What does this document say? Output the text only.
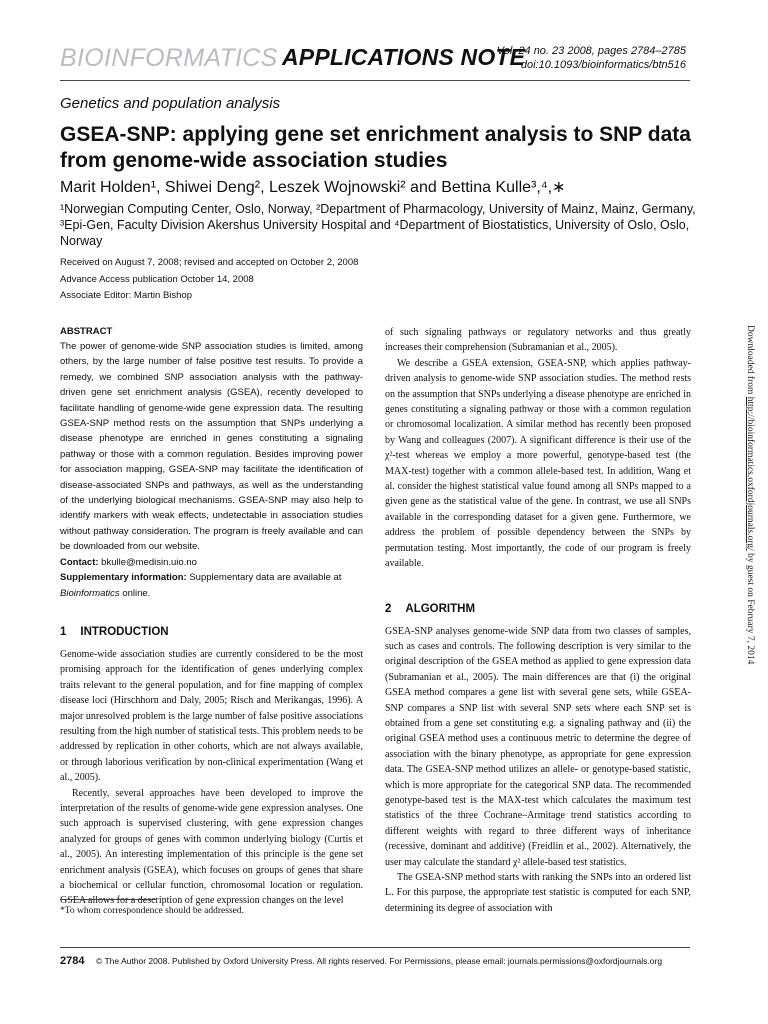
BIOINFORMATICS APPLICATIONS NOTE
Vol. 24 no. 23 2008, pages 2784–2785
doi:10.1093/bioinformatics/btn516
Genetics and population analysis
GSEA-SNP: applying gene set enrichment analysis to SNP data from genome-wide association studies
Marit Holden¹, Shiwei Deng², Leszek Wojnowski² and Bettina Kulle³,⁴,∗
¹Norwegian Computing Center, Oslo, Norway, ²Department of Pharmacology, University of Mainz, Mainz, Germany, ³Epi-Gen, Faculty Division Akershus University Hospital and ⁴Department of Biostatistics, University of Oslo, Oslo, Norway
Received on August 7, 2008; revised and accepted on October 2, 2008
Advance Access publication October 14, 2008
Associate Editor: Martin Bishop
ABSTRACT

The power of genome-wide SNP association studies is limited, among others, by the large number of false positive test results. To provide a remedy, we combined SNP association analysis with the pathway-driven gene set enrichment analysis (GSEA), recently developed to facilitate handling of genome-wide gene expression data. The resulting GSEA-SNP method rests on the assumption that SNPs underlying a disease phenotype are enriched in genes constituting a signaling pathway or those with a common regulation. Besides improving power for association mapping, GSEA-SNP may facilitate the identification of disease-associated SNPs and pathways, as well as the understanding of the underlying biological mechanisms. GSEA-SNP may also help to identify markers with weak effects, undetectable in association studies without pathway consideration. The program is freely available and can be downloaded from our website.

Contact: bkulle@medisin.uio.no

Supplementary information: Supplementary data are available at Bioinformatics online.

1 INTRODUCTION

Genome-wide association studies are currently considered to be the most promising approach for the identification of genes underlying complex traits relevant to the general population, and for fine mapping of complex disease loci (Hirschhorn and Daly, 2005; Risch and Merikangas, 1996). A major unresolved problem is the large number of false positive associations resulting from the high number of statistical tests. This problem needs to be addressed by replication in other cohorts, which are not always available, or through laborious verification by non-clinical experimentation (Wang et al., 2005).

Recently, several approaches have been developed to improve the interpretation of the results of genome-wide gene expression analyses. One such approach is supervised clustering, with gene expression changes analyzed for groups of genes with common underlying biology (Curtis et al., 2005). An interesting implementation of this principle is the gene set enrichment analysis (GSEA), which focuses on groups of genes that share a biochemical or cellular function, chromosomal location or regulation. GSEA allows for a description of gene expression changes on the level

of such signaling pathways or regulatory networks and thus greatly increases their comprehension (Subramanian et al., 2005).

We describe a GSEA extension, GSEA-SNP, which applies pathway-driven analysis to genome-wide SNP association studies. The method rests on the assumption that SNPs underlying a disease phenotype are enriched in genes constituting a signaling pathway or those with a common regulation or chromosomal localization. A similar method has recently been proposed by Wang and colleagues (2007). A significant difference is their use of the χ²-test whereas we employ a more powerful, genotype-based test (the MAX-test) together with a common allele-based test. In addition, Wang et al. consider the highest statistical value found among all SNPs mapped to a given gene as the statistical value of the gene. In contrast, we use all SNPs available in the corresponding dataset for a given gene. Furthermore, we address the problem of possible dependency between the SNPs by permutation testing. Most importantly, the code of our program is freely available.

2 ALGORITHM

GSEA-SNP analyses genome-wide SNP data from two classes of samples, such as cases and controls. The following description is very similar to the original description of the GSEA method as applied to gene expression data (Subramanian et al., 2005). The main differences are that (i) the original GSEA method compares a gene list with several gene sets, while GSEA-SNP compares a SNP list with several SNP sets where each SNP set is obtained from a gene set constituting e.g. a signaling pathway and (ii) the original GSEA method uses a continuous metric to determine the degree of association with the binary phenotype, as appropriate for gene expression data. The GSEA-SNP method utilizes an allele- or genotype-based statistic, which is more appropriate for the categorical SNP data. The recommended genotype-based test is the MAX-test which calculates the maximum test statistics of the three Cochrane–Armitage trend statistics according to different weights with regard to three different ways of inheritance (recessive, dominant and additive) (Freidlin et al., 2002). Alternatively, the user may calculate the standard χ² allele-based test statistics.

The GSEA-SNP method starts with ranking the SNPs into an ordered list L. For this purpose, the appropriate test statistic is computed for each SNP, determining its degree of association with

*To whom correspondence should be addressed.
2784 © The Author 2008. Published by Oxford University Press. All rights reserved. For Permissions, please email: journals.permissions@oxfordjournals.org
Downloaded from http://bioinformatics.oxfordjournals.org/ by guest on February 7, 2014
